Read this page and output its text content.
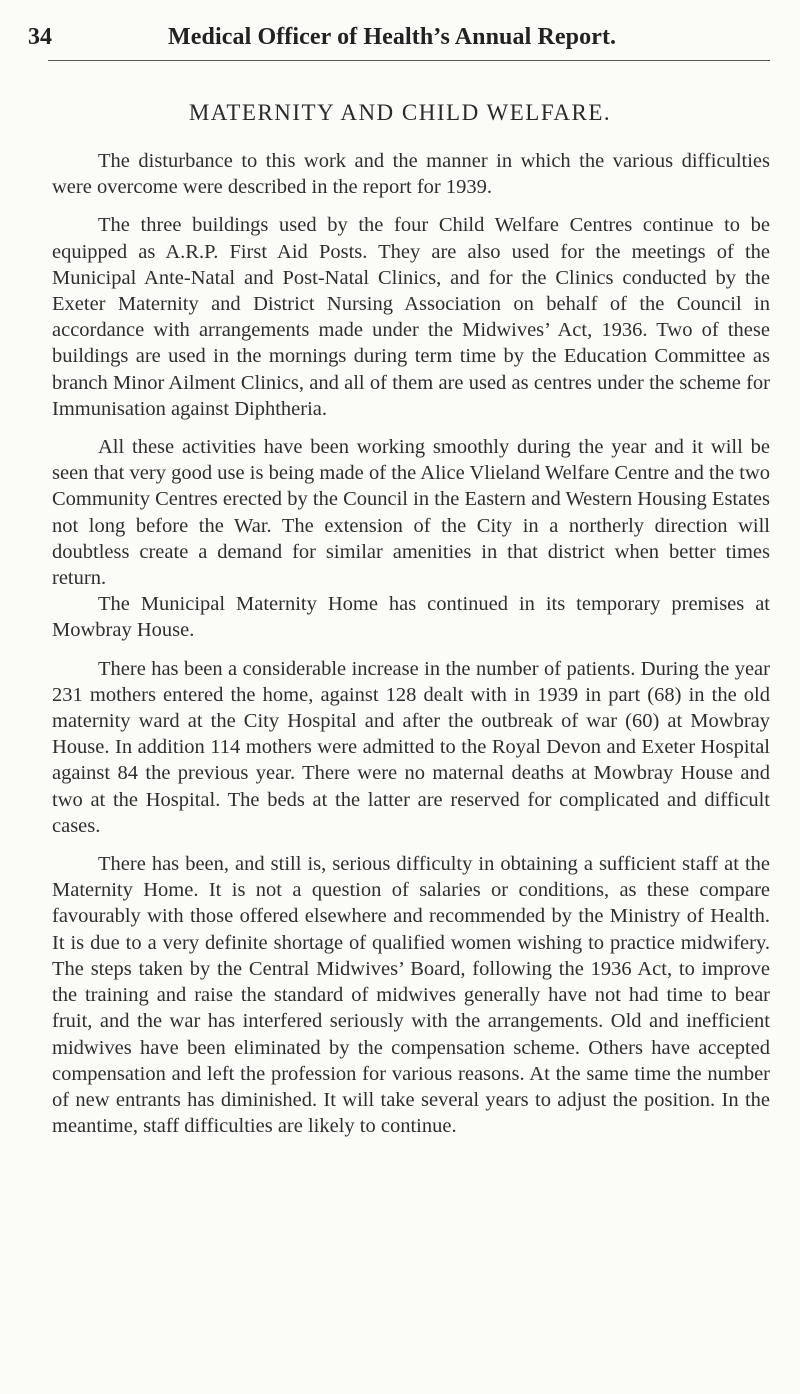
34	Medical Officer of Health’s Annual Report.
MATERNITY AND CHILD WELFARE.

The disturbance to this work and the manner in which the various difficulties were overcome were described in the report for 1939.

The three buildings used by the four Child Welfare Centres continue to be equipped as A.R.P. First Aid Posts. They are also used for the meetings of the Municipal Ante-Natal and Post-Natal Clinics, and for the Clinics conducted by the Exeter Maternity and District Nursing Association on behalf of the Council in accordance with arrangements made under the Midwives’ Act, 1936. Two of these buildings are used in the mornings during term time by the Education Committee as branch Minor Ailment Clinics, and all of them are used as centres under the scheme for Immunisation against Diphtheria.

All these activities have been working smoothly during the year and it will be seen that very good use is being made of the Alice Vlieland Welfare Centre and the two Community Centres erected by the Council in the Eastern and Western Housing Estates not long before the War. The extension of the City in a northerly direction will doubtless create a demand for similar amenities in that district when better times return.

The Municipal Maternity Home has continued in its temporary premises at Mowbray House.

There has been a considerable increase in the number of patients. During the year 231 mothers entered the home, against 128 dealt with in 1939 in part (68) in the old maternity ward at the City Hospital and after the outbreak of war (60) at Mowbray House. In addition 114 mothers were admitted to the Royal Devon and Exeter Hospital against 84 the previous year. There were no maternal deaths at Mowbray House and two at the Hospital. The beds at the latter are reserved for complicated and difficult cases.

There has been, and still is, serious difficulty in obtaining a sufficient staff at the Maternity Home. It is not a question of salaries or conditions, as these compare favourably with those offered elsewhere and recommended by the Ministry of Health. It is due to a very definite shortage of qualified women wishing to practice midwifery. The steps taken by the Central Midwives’ Board, following the 1936 Act, to improve the training and raise the standard of midwives generally have not had time to bear fruit, and the war has interfered seriously with the arrangements. Old and inefficient midwives have been eliminated by the compensation scheme. Others have accepted compensation and left the profession for various reasons. At the same time the number of new entrants has diminished. It will take several years to adjust the position. In the meantime, staff difficulties are likely to continue.
